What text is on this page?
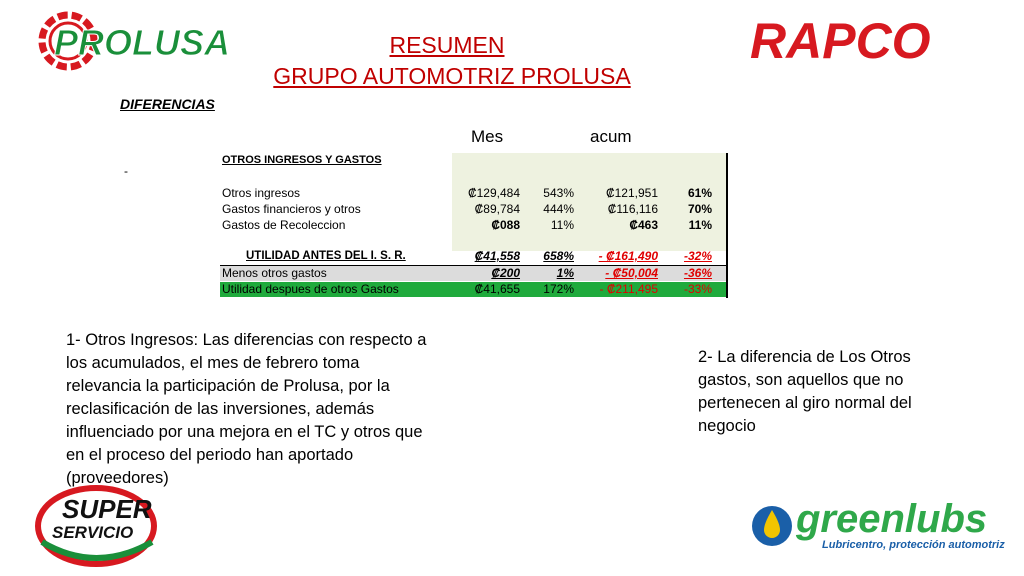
PROLUSA	RAPCO
RESUMEN
GRUPO AUTOMOTRIZ PROLUSA
DIFERENCIAS
-
Mes	acum
OTROS INGRESOS Y GASTOS
Otros ingresos	₡129,484 543%	₡121,951 61%
Gastos financieros y otros	₡89,784 444%	₡116,116 70%
Gastos de Recoleccion	₡088	11%	₡463	11%
UTILIDAD ANTES DEL I. S. R.	₡41,558 658% - ₡161,490 -32%
Menos otros gastos	₡200	1%	- ₡50,004 -36%
Utilidad despues de otros Gastos	₡41,655 172% - ₡211,495 -33%
1- Otros Ingresos: Las diferencias con respecto a los acumulados, el mes de febrero toma relevancia la participación de Prolusa, por la reclasificación de las inversiones, además influenciado por una mejora en el TC y otros que en el proceso del periodo han aportado (proveedores)
2- La diferencia de Los Otros gastos, son aquellos que no pertenecen al giro normal del negocio
SUPER
SERVICIO	greenlubs
Lubricentro, protección automotriz
